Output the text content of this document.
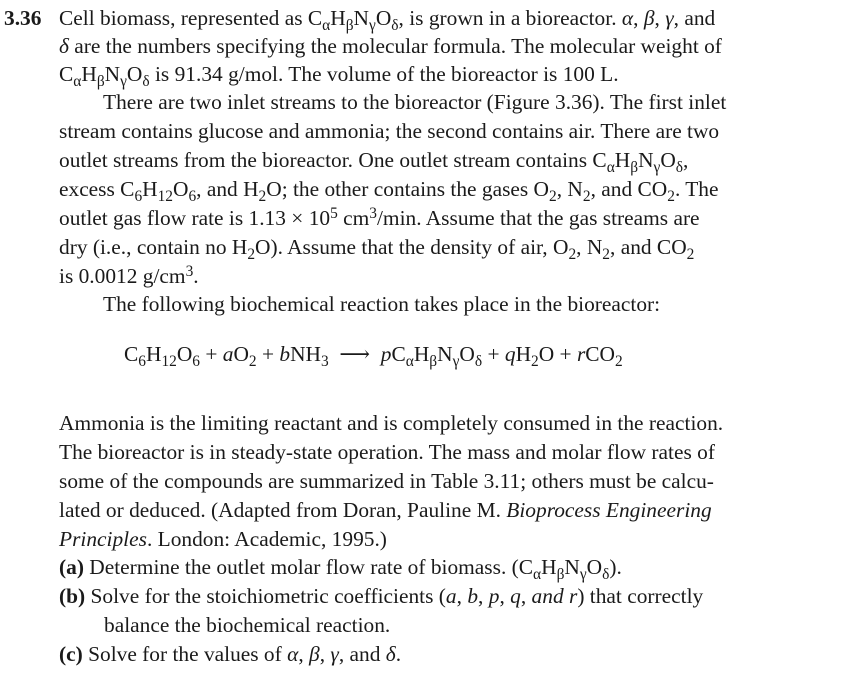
3.36 Cell biomass, represented as $C_\alpha H_\beta N_\gamma O_\delta$, is grown in a bioreactor. α, β, γ, and
δ are the numbers specifying the molecular formula. The molecular weight of
$C_\alpha H_\beta N_\gamma O_\delta$ is 91.34 g/mol. The volume of the bioreactor is 100 L.
There are two inlet streams to the bioreactor (Figure 3.36). The first inlet
stream contains glucose and ammonia; the second contains air. There are two
outlet streams from the bioreactor. One outlet stream contains $C_\alpha H_\beta N_\gamma O_\delta$,
excess $C_6H_{12}O_6$, and $H_2O$; the other contains the gases $O_2$, $N_2$, and $CO_2$. The
outlet gas flow rate is $1.13 \times 10^5$ $cm^3/\min$. Assume that the gas streams are
dry (i.e., contain no $H_2O$). Assume that the density of air, $O_2$, $N_2$, and $CO_2$
is 0.0012 $g/cm^3$.
The following biochemical reaction takes place in the bioreactor:
$C_6H_{12}O_6 + aO_2 + bNH_3$  ⟶  $pC_\alpha H_\beta N_\gamma O_\delta + qH_2O + rCO_2$
Ammonia is the limiting reactant and is completely consumed in the reaction.
The bioreactor is in steady-state operation. The mass and molar flow rates of
some of the compounds are summarized in Table 3.11; others must be calcu-
lated or deduced. (Adapted from Doran, Pauline M. Bioprocess Engineering
Principles. London: Academic, 1995.)
(a) Determine the outlet molar flow rate of biomass. $(C_\alpha H_\beta N_\gamma O_\delta)$.
(b) Solve for the stoichiometric coefficients (a, b, p, q, and r) that correctly
balance the biochemical reaction.
(c) Solve for the values of α, β, γ, and δ.
